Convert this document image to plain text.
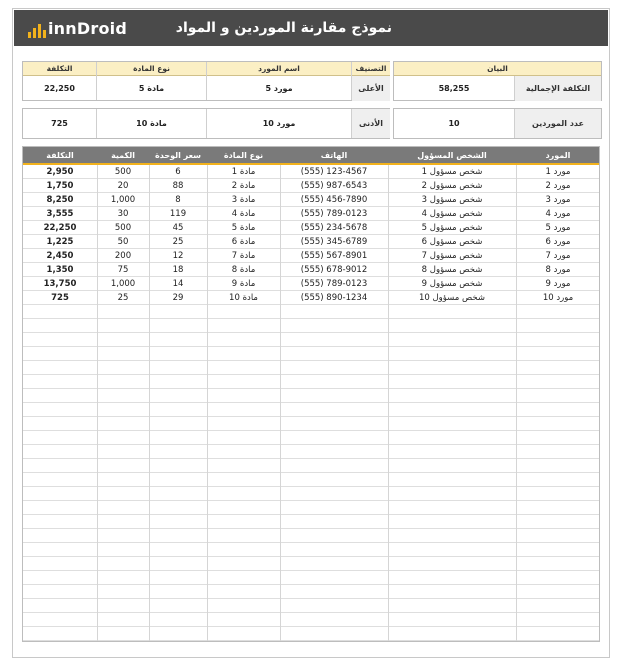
innDroid	نموذج مقارنة الموردين و المواد
التكلفة	نوع المادة	اسم المورد	التصنيف
22,250	مادة 5	مورد 5	الأعلى
البيان
58,255	التكلفة الإجمالية
725	مادة 10	مورد 10	الأدنى	10	عدد الموردين
التكلفة	الكمية	سعر الوحدة	نوع المادة	الهاتف	الشخص المسؤول	المورد
2,950	500	6	مادة 1	(555) 123-4567	شخص مسؤول 1	مورد 1
1,750	20	88	مادة 2	(555) 987-6543	شخص مسؤول 2	مورد 2
8,250	1,000	8	مادة 3	(555) 456-7890	شخص مسؤول 3	مورد 3
3,555	30	119	مادة 4	(555) 789-0123	شخص مسؤول 4	مورد 4
22,250	500	45	مادة 5	(555) 234-5678	شخص مسؤول 5	مورد 5
1,225	50	25	مادة 6	(555) 345-6789	شخص مسؤول 6	مورد 6
2,450	200	12	مادة 7	(555) 567-8901	شخص مسؤول 7	مورد 7
1,350	75	18	مادة 8	(555) 678-9012	شخص مسؤول 8	مورد 8
13,750	1,000	14	مادة 9	(555) 789-0123	شخص مسؤول 9	مورد 9
725	25	29	مادة 10	(555) 890-1234	شخص مسؤول 10	مورد 10
